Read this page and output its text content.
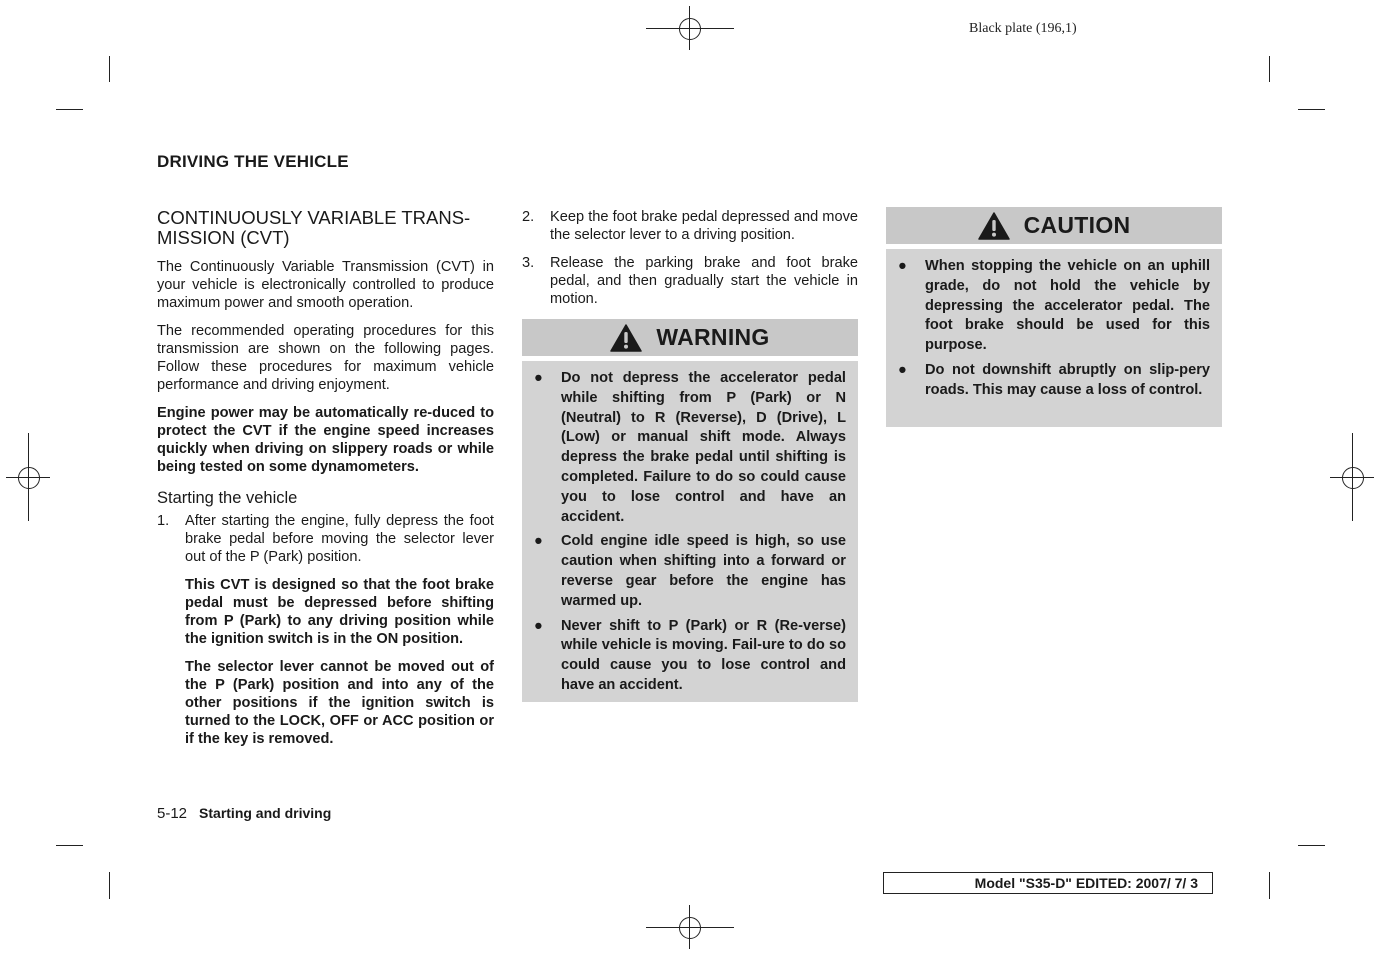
Black plate (196,1)
DRIVING THE VEHICLE
CONTINUOUSLY VARIABLE TRANS-
MISSION (CVT)

The Continuously Variable Transmission (CVT) in your vehicle is electronically controlled to produce maximum power and smooth operation.

The recommended operating procedures for this transmission are shown on the following pages. Follow these procedures for maximum vehicle performance and driving enjoyment.

Engine power may be automatically re-duced to protect the CVT if the engine speed increases quickly when driving on slippery roads or while being tested on some dynamometers.

Starting the vehicle
1. After starting the engine, fully depress the foot brake pedal before moving the selector lever out of the P (Park) position.

This CVT is designed so that the foot brake pedal must be depressed before shifting from P (Park) to any driving position while the ignition switch is in the ON position.

The selector lever cannot be moved out of the P (Park) position and into any of the other positions if the ignition switch is turned to the LOCK, OFF or ACC position or if the key is removed.

2. Keep the foot brake pedal depressed and move the selector lever to a driving position.

3. Release the parking brake and foot brake pedal, and then gradually start the vehicle in motion.

WARNING
● Do not depress the accelerator pedal while shifting from P (Park) or N (Neutral) to R (Reverse), D (Drive), L (Low) or manual shift mode. Always depress the brake pedal until shifting is completed. Failure to do so could cause you to lose control and have an accident.
● Cold engine idle speed is high, so use caution when shifting into a forward or reverse gear before the engine has warmed up.
● Never shift to P (Park) or R (Re-verse) while vehicle is moving. Fail-ure to do so could cause you to lose control and have an accident.
CAUTION
● When stopping the vehicle on an uphill grade, do not hold the vehicle by depressing the accelerator pedal. The foot brake should be used for this purpose.
● Do not downshift abruptly on slip-pery roads. This may cause a loss of control.
5-12 Starting and driving
Model "S35-D" EDITED: 2007/ 7/ 3
